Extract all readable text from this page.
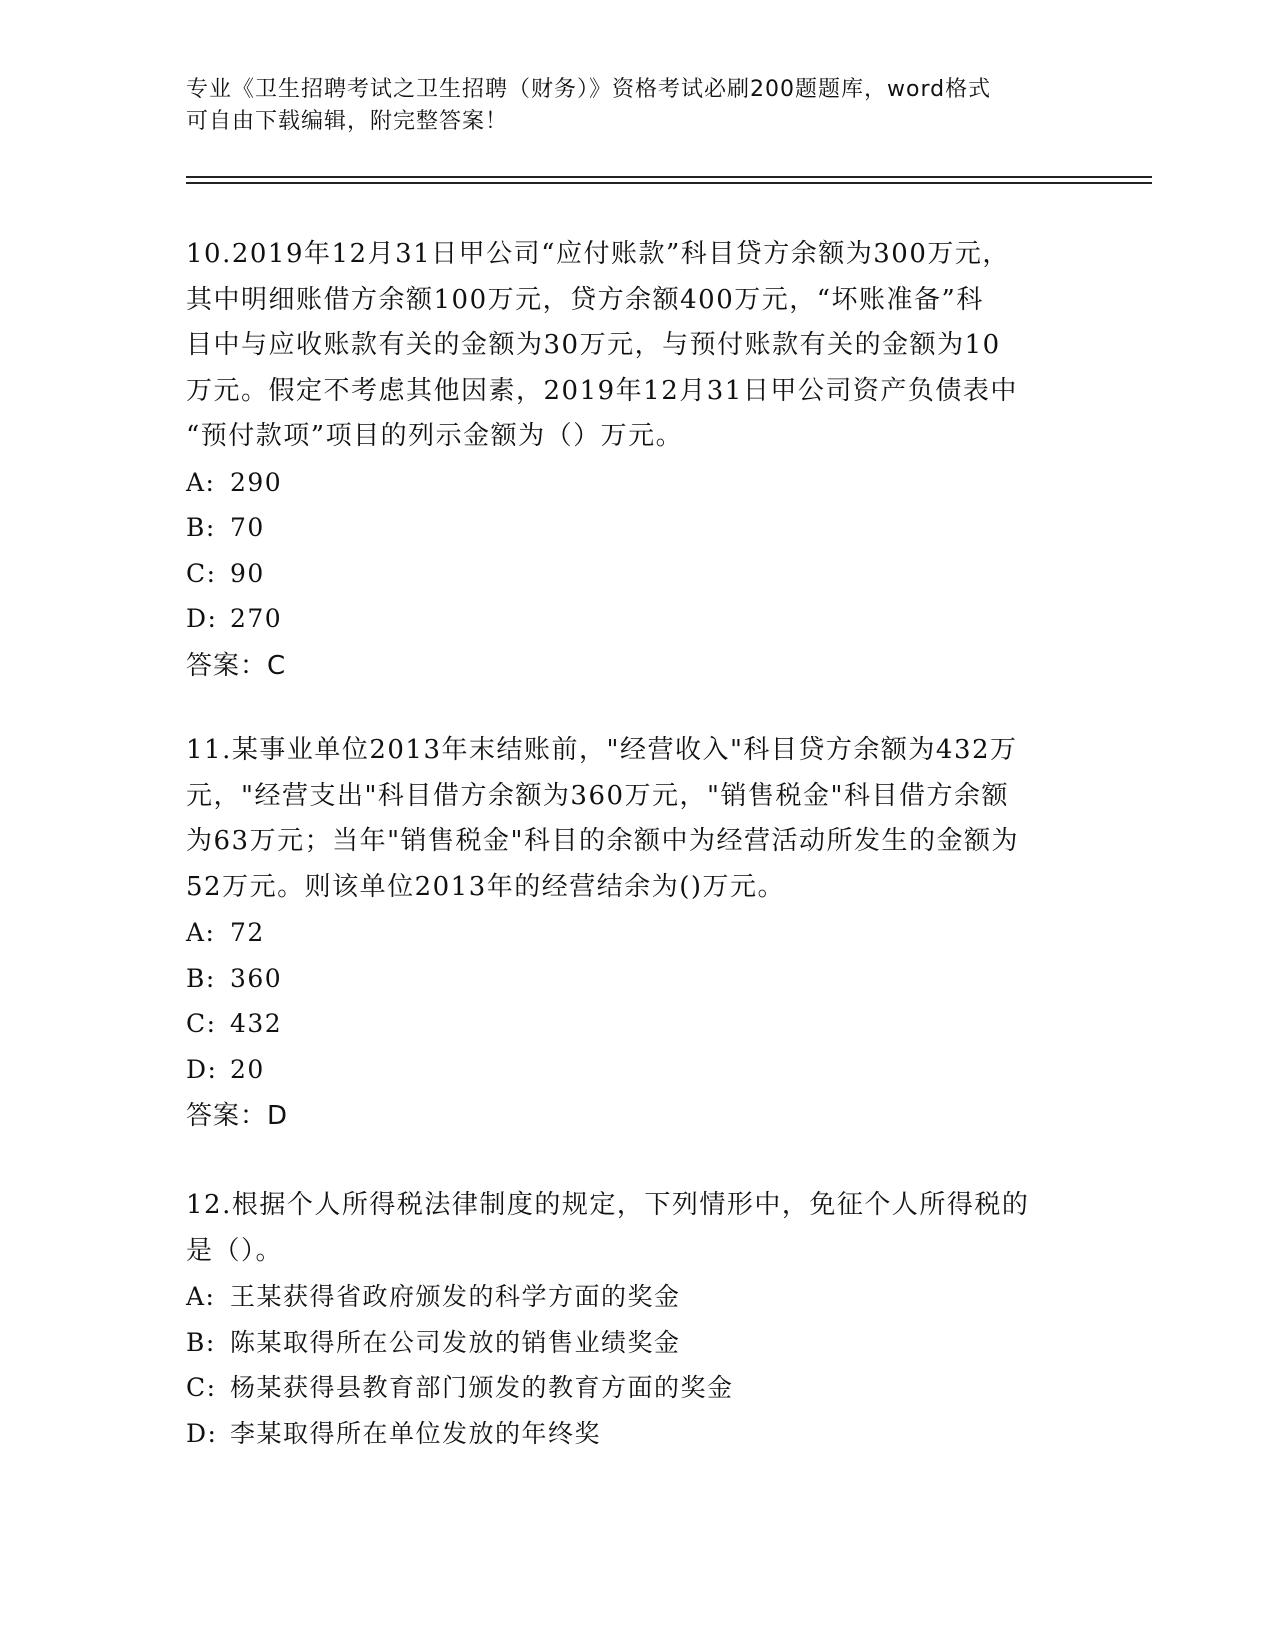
专业《卫生招聘考试之卫生招聘（财务）》资格考试必刷200题题库，word格式
可自由下载编辑，附完整答案！
10.2019年12月31日甲公司“应付账款”科目贷方余额为300万元，
其中明细账借方余额100万元，贷方余额400万元，“坏账准备”科
目中与应收账款有关的金额为30万元，与预付账款有关的金额为10
万元。假定不考虑其他因素，2019年12月31日甲公司资产负债表中
“预付款项”项目的列示金额为（）万元。
A: 290
B: 70
C: 90
D: 270
答案：C
11.某事业单位2013年末结账前，"经营收入"科目贷方余额为432万
元，"经营支出"科目借方余额为360万元，"销售税金"科目借方余额
为63万元；当年"销售税金"科目的余额中为经营活动所发生的金额为
52万元。则该单位2013年的经营结余为()万元。
A: 72
B: 360
C: 432
D: 20
答案：D
12.根据个人所得税法律制度的规定，下列情形中，免征个人所得税的
是（）。
A: 王某获得省政府颁发的科学方面的奖金
B: 陈某取得所在公司发放的销售业绩奖金
C: 杨某获得县教育部门颁发的教育方面的奖金
D: 李某取得所在单位发放的年终奖
